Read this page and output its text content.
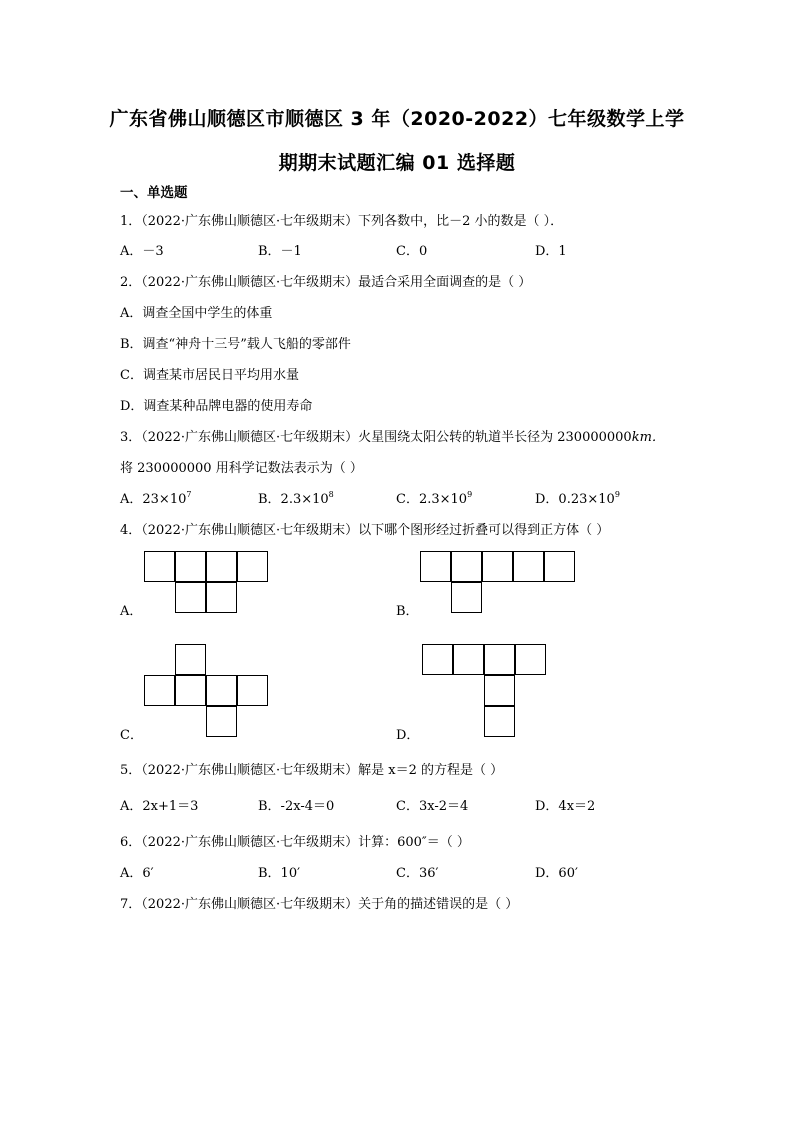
广东省佛山顺德区市顺德区 3 年（2020-2022）七年级数学上学
期期末试题汇编 01 选择题
一、单选题
1．（2022·广东佛山顺德区·七年级期末）下列各数中，比－2 小的数是（ ）．
A．－3	B．－1	C．0	D．1
2．（2022·广东佛山顺德区·七年级期末）最适合采用全面调查的是（ ）
A．调查全国中学生的体重
B．调查“神舟十三号”载人飞船的零部件
C．调查某市居民日平均用水量
D．调查某种品牌电器的使用寿命
3．（2022·广东佛山顺德区·七年级期末）火星围绕太阳公转的轨道半长径为 230000000km．
将 230000000 用科学记数法表示为（ ）
A．$23\times 10^7$	B．$2.3\times 10^8$	C．$2.3\times 10^9$	D．$0.23\times 10^9$
4．（2022·广东佛山顺德区·七年级期末）以下哪个图形经过折叠可以得到正方体（ ）
A．	B．
C．	D．
5．（2022·广东佛山顺德区·七年级期末）解是 x＝2 的方程是（ ）
A．2x+1＝3	B．-2x-4＝0	C．3x-2＝4	D．4x＝2
6．（2022·广东佛山顺德区·七年级期末）计算：600″＝（ ）
A．6′	B．10′	C．36′	D．60′
7．（2022·广东佛山顺德区·七年级期末）关于角的描述错误的是（ ）
